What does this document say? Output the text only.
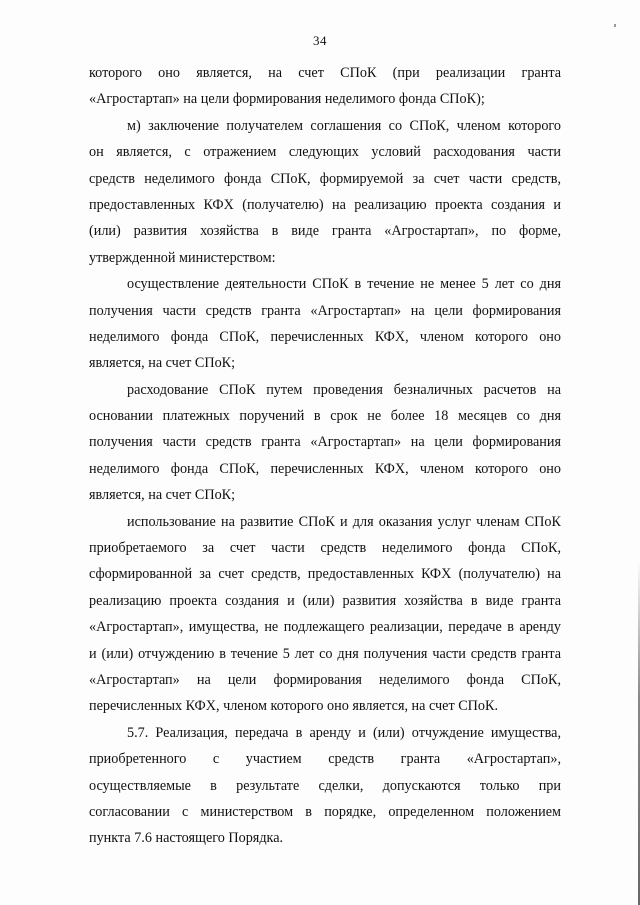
34
которого оно является, на счет СПоК (при реализации гранта
«Агростартап» на цели формирования неделимого фонда СПоК);
м) заключение получателем соглашения со СПоК, членом которого
он является, с отражением следующих условий расходования части
средств неделимого фонда СПоК, формируемой за счет части средств,
предоставленных КФХ (получателю) на реализацию проекта создания и
(или) развития хозяйства в виде гранта «Агростартап», по форме,
утвержденной министерством:
осуществление деятельности СПоК в течение не менее 5 лет со дня
получения части средств гранта «Агростартап» на цели формирования
неделимого фонда СПоК, перечисленных КФХ, членом которого оно
является, на счет СПоК;
расходование СПоК путем проведения безналичных расчетов на
основании платежных поручений в срок не более 18 месяцев со дня
получения части средств гранта «Агростартап» на цели формирования
неделимого фонда СПоК, перечисленных КФХ, членом которого оно
является, на счет СПоК;
использование на развитие СПоК и для оказания услуг членам СПоК
приобретаемого за счет части средств неделимого фонда СПоК,
сформированной за счет средств, предоставленных КФХ (получателю) на
реализацию проекта создания и (или) развития хозяйства в виде гранта
«Агростартап», имущества, не подлежащего реализации, передаче в аренду
и (или) отчуждению в течение 5 лет со дня получения части средств гранта
«Агростартап» на цели формирования неделимого фонда СПоК,
перечисленных КФХ, членом которого оно является, на счет СПоК.
5.7. Реализация, передача в аренду и (или) отчуждение имущества,
приобретенного с участием средств гранта «Агростартап»,
осуществляемые в результате сделки, допускаются только при
согласовании с министерством в порядке, определенном положением
пункта 7.6 настоящего Порядка.
